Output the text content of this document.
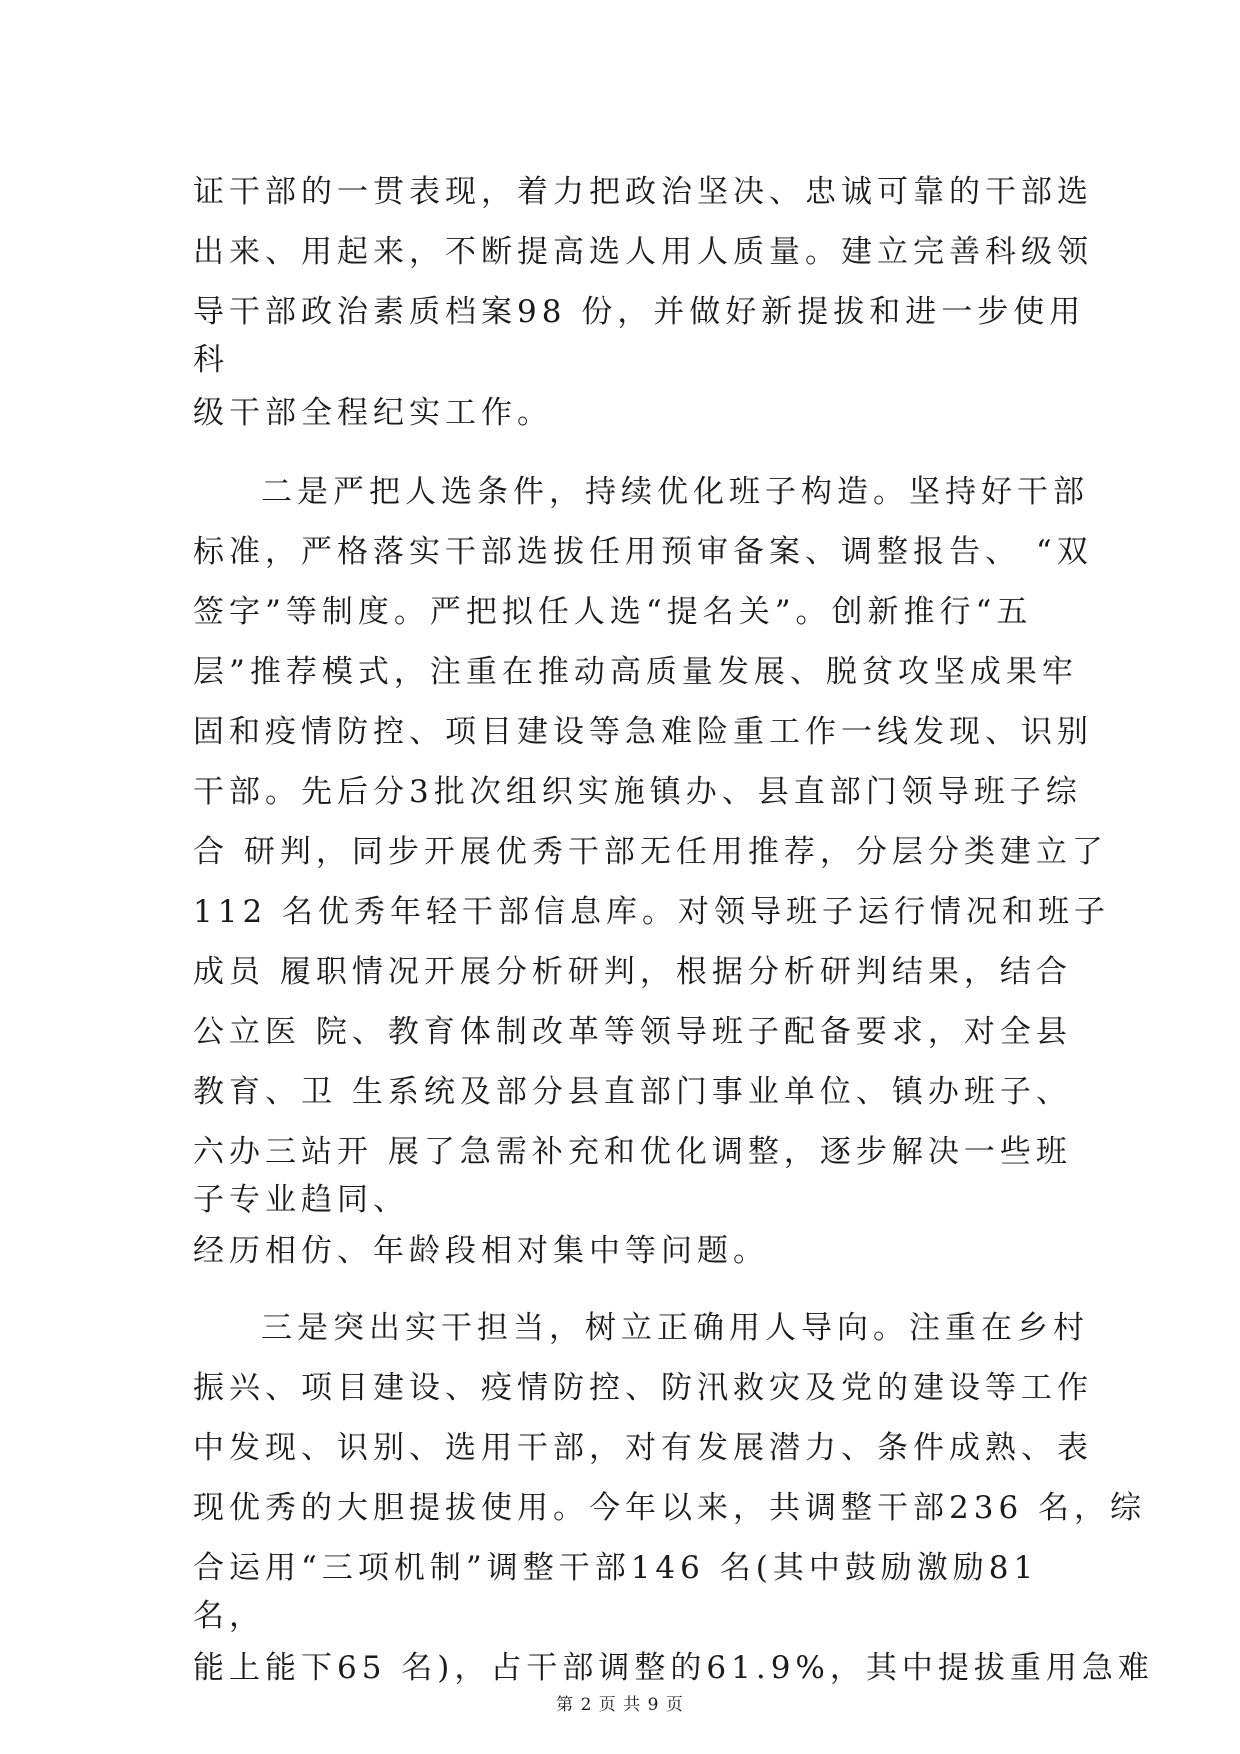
证干部的一贯表现，着力把政治坚决、忠诚可靠的干部选
出来、用起来，不断提高选人用人质量。建立完善科级领
导干部政治素质档案98 份，并做好新提拔和进一步使用
科
级干部全程纪实工作。
二是严把人选条件，持续优化班子构造。坚持好干部
标准，严格落实干部选拔任用预审备案、调整报告、 “双
签字”等制度。严把拟任人选“提名关”。创新推行“五
层”推荐模式，注重在推动高质量发展、脱贫攻坚成果牢
固和疫情防控、项目建设等急难险重工作一线发现、识别
干部。先后分3批次组织实施镇办、县直部门领导班子综
合 研判，同步开展优秀干部无任用推荐，分层分类建立了
112 名优秀年轻干部信息库。对领导班子运行情况和班子
成员 履职情况开展分析研判，根据分析研判结果，结合
公立医 院、教育体制改革等领导班子配备要求，对全县
教育、卫 生系统及部分县直部门事业单位、镇办班子、
六办三站开 展了急需补充和优化调整，逐步解决一些班
子专业趋同、
经历相仿、年龄段相对集中等问题。
三是突出实干担当，树立正确用人导向。注重在乡村
振兴、项目建设、疫情防控、防汛救灾及党的建设等工作
中发现、识别、选用干部，对有发展潜力、条件成熟、表
现优秀的大胆提拔使用。今年以来，共调整干部236 名，综
合运用“三项机制”调整干部146 名(其中鼓励激励81
名，
能上能下65 名)，占干部调整的61.9%，其中提拔重用急难
第 2 页 共 9 页
